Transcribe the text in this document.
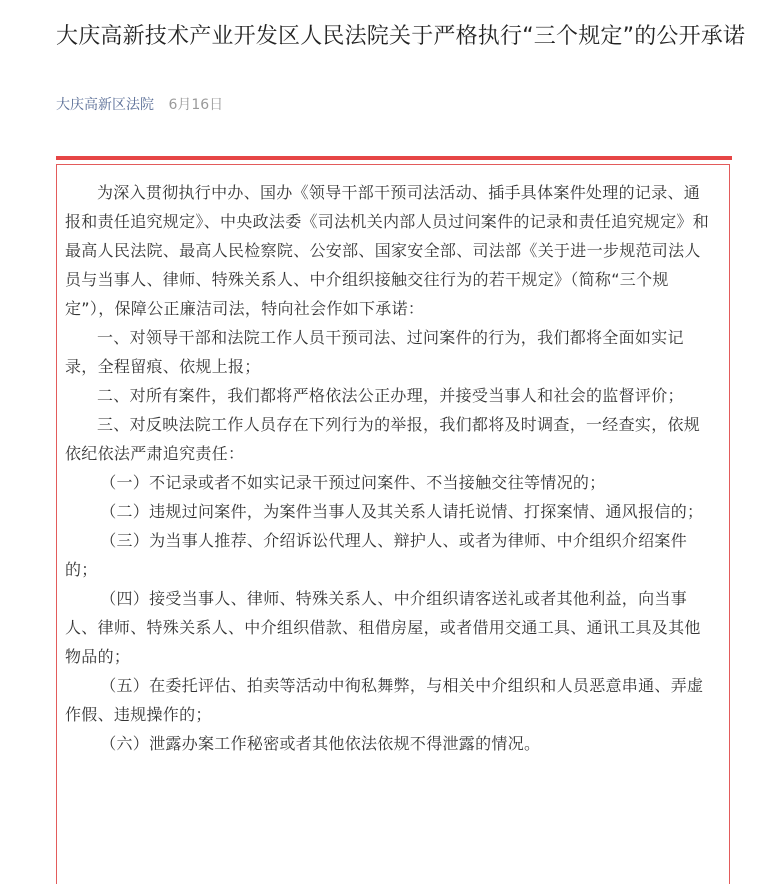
大庆高新技术产业开发区人民法院关于严格执行“三个规定”的公开承诺
大庆高新区法院 6月16日

为深入贯彻执行中办、国办《领导干部干预司法活动、插手具体案件处理的记录、通报和责任追究规定》、中央政法委《司法机关内部人员过问案件的记录和责任追究规定》和最高人民法院、最高人民检察院、公安部、国家安全部、司法部《关于进一步规范司法人员与当事人、律师、特殊关系人、中介组织接触交往行为的若干规定》（简称“三个规定”），保障公正廉洁司法，特向社会作如下承诺：

一、对领导干部和法院工作人员干预司法、过问案件的行为，我们都将全面如实记录，全程留痕、依规上报；

二、对所有案件，我们都将严格依法公正办理，并接受当事人和社会的监督评价；

三、对反映法院工作人员存在下列行为的举报，我们都将及时调查，一经查实，依规依纪依法严肃追究责任：

（一）不记录或者不如实记录干预过问案件、不当接触交往等情况的；

（二）违规过问案件，为案件当事人及其关系人请托说情、打探案情、通风报信的；

（三）为当事人推荐、介绍诉讼代理人、辩护人、或者为律师、中介组织介绍案件的；

（四）接受当事人、律师、特殊关系人、中介组织请客送礼或者其他利益，向当事人、律师、特殊关系人、中介组织借款、租借房屋，或者借用交通工具、通讯工具及其他物品的；

（五）在委托评估、拍卖等活动中徇私舞弊，与相关中介组织和人员恶意串通、弄虚作假、违规操作的；

（六）泄露办案工作秘密或者其他依法依规不得泄露的情况。
